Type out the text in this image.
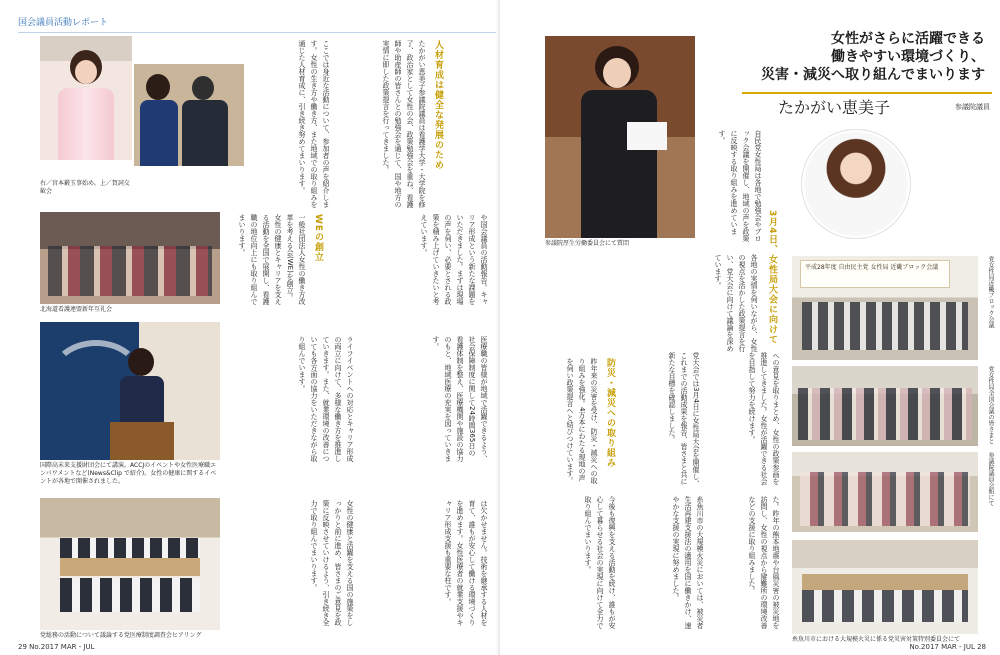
国会議員活動レポート
右／宮本鍛玉事始め。上／賀詞交歓会
北海道看護連盟新年互礼会
国際高未来支援財団会にて講演。ACCJのイベントや女性医療職エンパワメントなど(News&Clip で紹介)。女性の健康に関するイベントが各地で開催されました。
党総務の活動について議論する党医療制度調査会ヒアリング
人材育成は健全な発展のため
たかがい恵美子参議院議員は看護学大学・大学院を修了、政治家として女性の会、政策勉強会を重ね、看護師や助産師の皆さんとの勉強会を通じて、国や地方の実情に即した政策提言を行ってきました。
ここでは身近な活動について、参加者の声を紹介します。女性の生き方や働き方、また地域での取り組みを通じた人材育成に、引き続き努めてまいります。
WEの創立	や国会議員の活動報告。キャリア形成という新たな課題をいただきました。まずは現場の声を伺い、必要とされる政策を積み上げていきたいと考えています。
一般社団法人女性の働き方改革を考える会(WE)を創立。女性の健康とキャリアを支える活動を全国で展開し、看護職の地位向上にも取り組んでまいります。
医療職の皆様が地域で活躍できるよう、社会保障制度に関して24時間365日の看護体制を整え、医療機関や施設の協力のもと、地域医療の充実を図っていきます。
ライフイベントへの対応とキャリア形成の両立に向けて、多様な働き方を推進していきます。また、就業環境の改善についても各方面の協力をいただきながら取り組んでいます。
は欠かせません。技術を継承する人材を育て、誰もが安心して働ける環境づくりを進めます。女性医療者の就業支援やキャリア形成支援も重要な柱です。
女性の健康と活躍を支える国の施策をしっかりと前に進め、皆さまのご意見を政策に反映させていけるよう、引き続き全力で取り組んでまいります。
29 No.2017 MAR - JUL
参議院厚生労働委員会にて質問
女性がさらに活躍できる
働きやすい環境づくり、
災害・減災へ取り組んでまいります
たかがい恵美子	参議院議員
3月4日、女性局大会に向けて
自民党女性局は各地で勉強会やブロック会議を開催し、地域の声を政策に反映する取り組みを進めています。
各地の実情を伺いながら、女性の視点を活かした政策提言を行い、党大会に向けて議論を深めています。
への意見を取りまとめ、女性の政策参画を推進してきました。女性が活躍できる社会を目指して努力を続けます。
党大会では3月4日に女性局大会を開催し、これまでの活動成果を報告、皆さまと共に新たな目標を確認しました。
防災・減災への取り組み
昨年来の災害を受け、防災・減災への取り組みを強化。4万本にわたる現地の声を伺い政策提言へと結びつけています。
た。昨年の熊本地震や台風災害の被災地を訪問し、女性の視点から避難所の環境改善などの支援に取り組みました。
糸魚川市の大規模火災においては、被災者生活再建支援法の適用を国に働きかけ、速やかな支援の実現に努めました。
今後も復興を支える活動を続け、誰もが安心して暮らせる社会の実現に向けて全力で取り組んでまいります。
平成28年度 自由民主党 女性局 近畿ブロック会議	党女性局近畿ブロック会議
党女性局全国会議の皆さまと
参議院議員会館にて
糸魚川市における大規模火災に係る党災害対策特別委員会にて
No.2017 MAR - JUL 28
